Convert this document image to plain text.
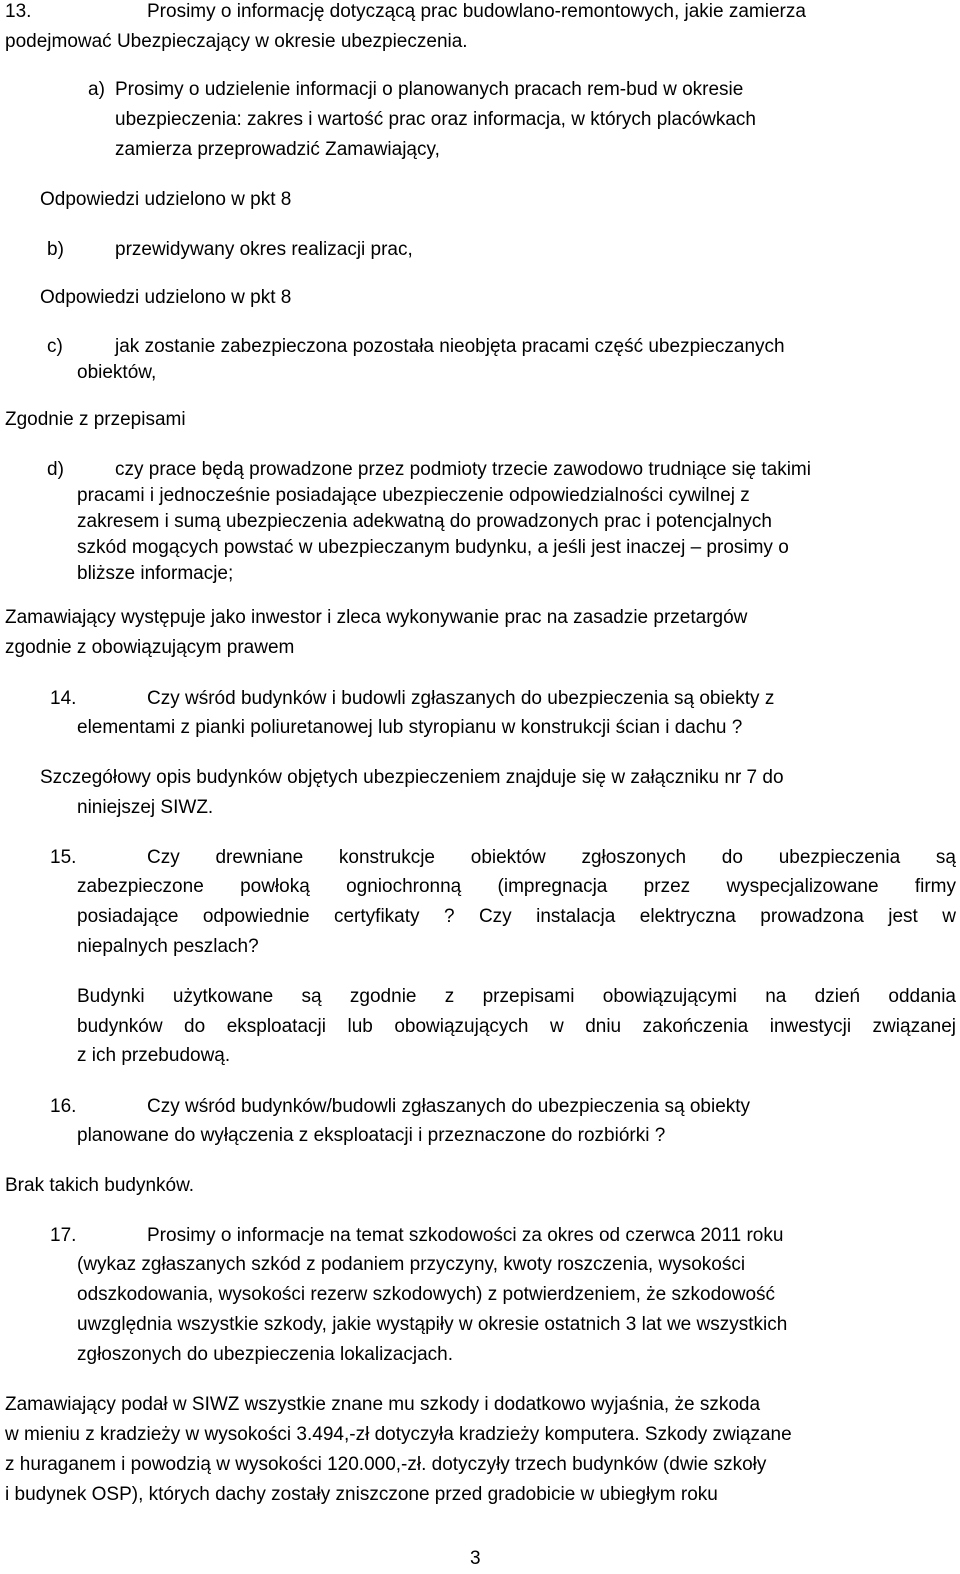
13.	Prosimy o informację dotyczącą prac budowlano-remontowych, jakie zamierza
podejmować Ubezpieczający w okresie ubezpieczenia.
a) Prosimy o udzielenie informacji o planowanych pracach rem-bud w okresie
ubezpieczenia: zakres i wartość prac oraz informacja, w których placówkach
zamierza przeprowadzić Zamawiający,
Odpowiedzi udzielono w pkt 8
b)	przewidywany okres realizacji prac,
Odpowiedzi udzielono w pkt 8
c)	jak zostanie zabezpieczona pozostała nieobjęta pracami część ubezpieczanych
obiektów,
Zgodnie z przepisami
d)	czy prace będą prowadzone przez podmioty trzecie zawodowo trudniące się takimi
pracami i jednocześnie posiadające ubezpieczenie odpowiedzialności cywilnej z
zakresem i sumą ubezpieczenia adekwatną do prowadzonych prac i potencjalnych
szkód mogących powstać w ubezpieczanym budynku, a jeśli jest inaczej – prosimy o
bliższe informacje;
Zamawiający występuje jako inwestor i zleca wykonywanie prac na zasadzie przetargów
zgodnie z obowiązującym prawem
14.	Czy wśród budynków i budowli zgłaszanych do ubezpieczenia są obiekty z
elementami z pianki poliuretanowej lub styropianu w konstrukcji ścian i dachu ?
Szczegółowy opis budynków objętych ubezpieczeniem znajduje się w załączniku nr 7 do
niniejszej SIWZ.
15.	Czy drewniane konstrukcje obiektów zgłoszonych do ubezpieczenia są
zabezpieczone powłoką ogniochronną (impregnacja przez wyspecjalizowane firmy
posiadające odpowiednie certyfikaty ? Czy instalacja elektryczna prowadzona jest w
niepalnych peszlach?
Budynki użytkowane są zgodnie z przepisami obowiązującymi na dzień oddania
budynków do eksploatacji lub obowiązujących w dniu zakończenia inwestycji związanej
z ich przebudową.
16.	Czy wśród budynków/budowli zgłaszanych do ubezpieczenia są obiekty
planowane do wyłączenia z eksploatacji i przeznaczone do rozbiórki ?
Brak takich budynków.
17.	Prosimy o informacje na temat szkodowości za okres od czerwca 2011 roku
(wykaz zgłaszanych szkód z podaniem przyczyny, kwoty roszczenia, wysokości
odszkodowania, wysokości rezerw szkodowych) z potwierdzeniem, że szkodowość
uwzględnia wszystkie szkody, jakie wystąpiły w okresie ostatnich 3 lat we wszystkich
zgłoszonych do ubezpieczenia lokalizacjach.
Zamawiający podał w SIWZ wszystkie znane mu szkody i dodatkowo wyjaśnia, że szkoda
w mieniu z kradzieży w wysokości 3.494,-zł dotyczyła kradzieży komputera. Szkody związane
z huraganem i powodzią w wysokości 120.000,-zł. dotyczyły trzech budynków (dwie szkoły
i budynek OSP), których dachy zostały zniszczone przed gradobicie w ubiegłym roku
3
